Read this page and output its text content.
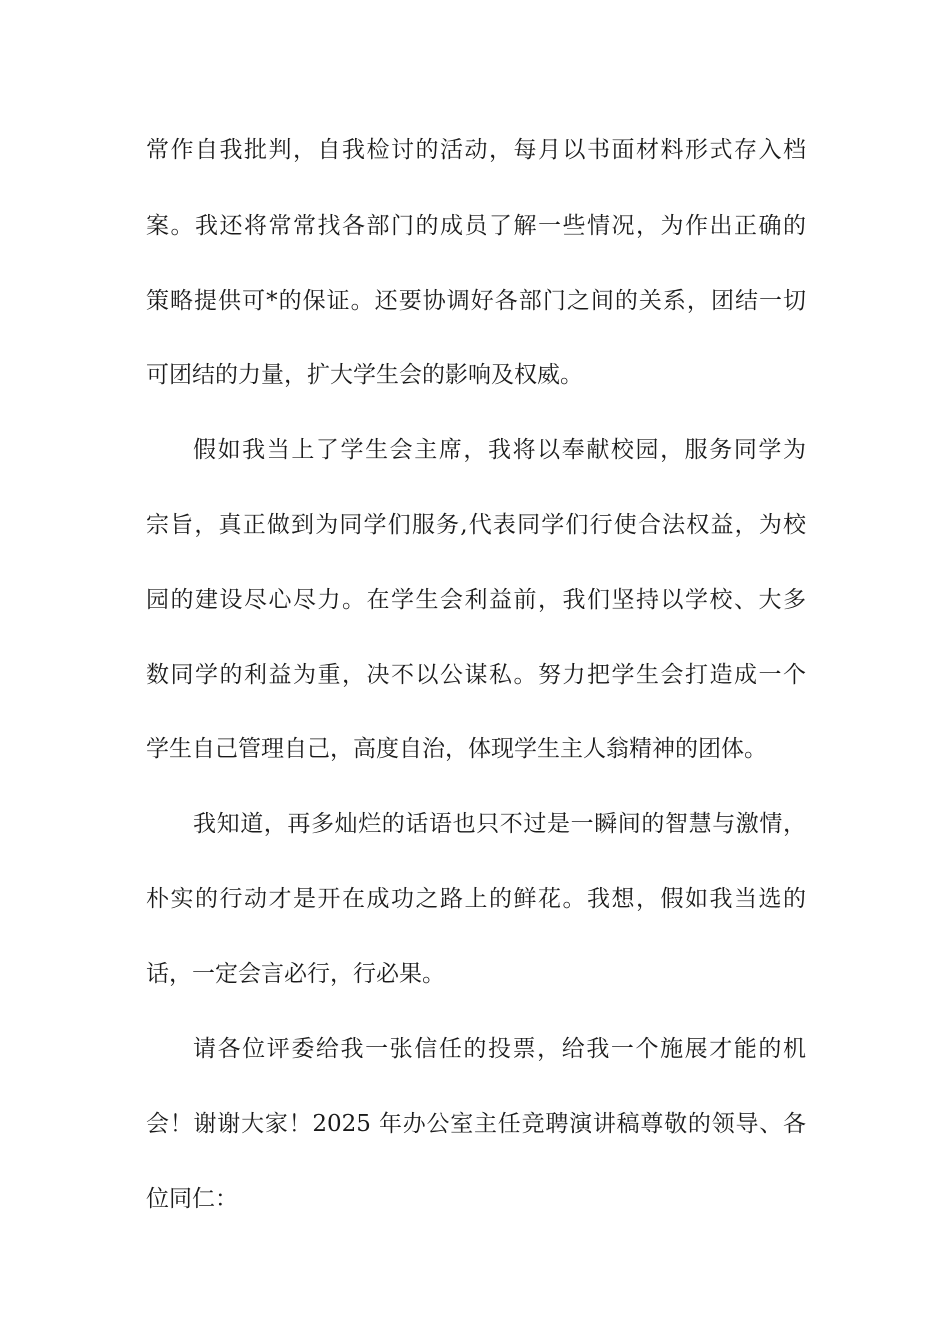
常作自我批判，自我检讨的活动，每月以书面材料形式存入档
案。我还将常常找各部门的成员了解一些情况，为作出正确的
策略提供可*的保证。还要协调好各部门之间的关系，团结一切
可团结的力量，扩大学生会的影响及权威。
假如我当上了学生会主席，我将以奉献校园，服务同学为
宗旨，真正做到为同学们服务,代表同学们行使合法权益，为校
园的建设尽心尽力。在学生会利益前，我们坚持以学校、大多
数同学的利益为重，决不以公谋私。努力把学生会打造成一个
学生自己管理自己，高度自治，体现学生主人翁精神的团体。
我知道，再多灿烂的话语也只不过是一瞬间的智慧与激情，
朴实的行动才是开在成功之路上的鲜花。我想，假如我当选的
话，一定会言必行，行必果。
请各位评委给我一张信任的投票，给我一个施展才能的机
会！谢谢大家！2025 年办公室主任竞聘演讲稿尊敬的领导、各
位同仁：
